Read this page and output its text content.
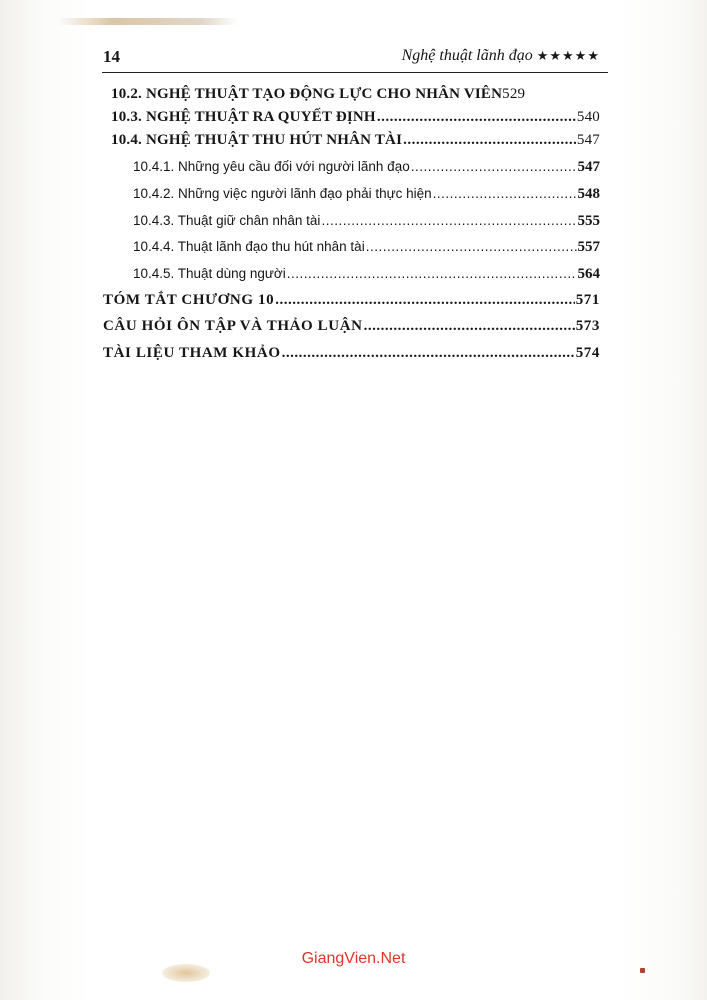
14	Nghệ thuật lãnh đạo ★★★★★
10.2. NGHỆ THUẬT TẠO ĐỘNG LỰC CHO NHÂN VIÊN 529
10.3. NGHỆ THUẬT RA QUYẾT ĐỊNH .....	540
10.4. NGHỆ THUẬT THU HÚT NHÂN TÀI .....	547
10.4.1. Những yêu cầu đối với người lãnh đạo .....	547
10.4.2. Những việc người lãnh đạo phải thực hiện .....	548
10.4.3. Thuật giữ chân nhân tài .....	555
10.4.4. Thuật lãnh đạo thu hút nhân tài .....	557
10.4.5. Thuật dùng người .....	564
TÓM TẮT CHƯƠNG 10 .....	571
CÂU HỎI ÔN TẬP VÀ THẢO LUẬN .....	573
TÀI LIỆU THAM KHẢO .....	574
GiangVien.Net
